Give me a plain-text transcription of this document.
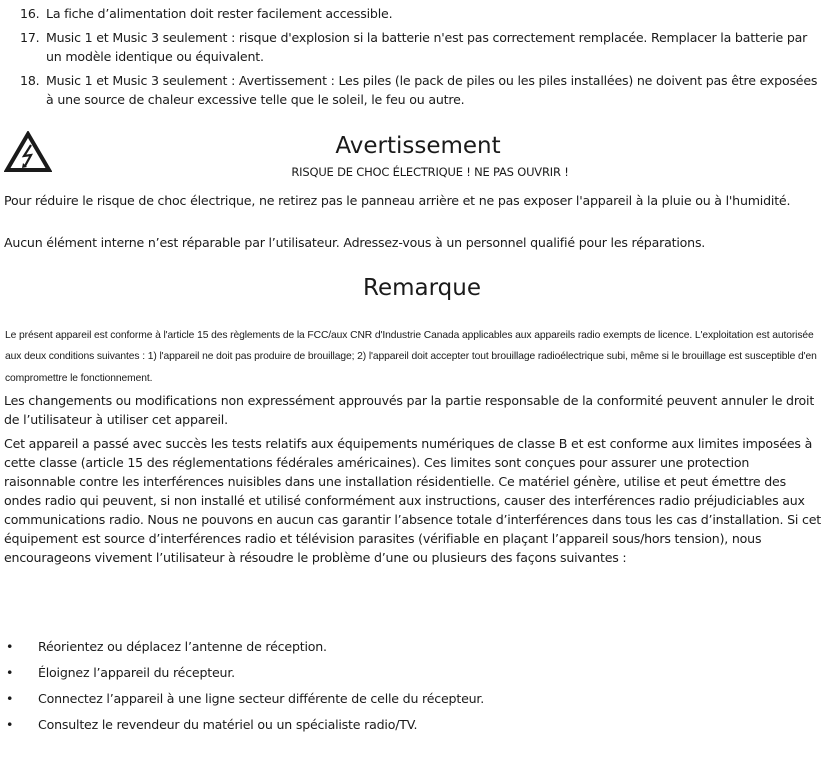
16. La fiche d’alimentation doit rester facilement accessible.
17. Music 1 et Music 3 seulement : risque d'explosion si la batterie n'est pas correctement remplacée. Remplacer la batterie par un modèle identique ou équivalent.
18. Music 1 et Music 3 seulement : Avertissement : Les piles (le pack de piles ou les piles installées) ne doivent pas être exposées à une source de chaleur excessive telle que le soleil, le feu ou autre.
Avertissement
RISQUE DE CHOC ÉLECTRIQUE ! NE PAS OUVRIR !
Pour réduire le risque de choc électrique, ne retirez pas le panneau arrière et ne pas exposer l'appareil à la pluie ou à l'humidité.
Aucun élément interne n’est réparable par l’utilisateur. Adressez-vous à un personnel qualifié pour les réparations.
Remarque
Le présent appareil est conforme à l'article 15 des règlements de la FCC/aux CNR d'Industrie Canada applicables aux appareils radio exempts de licence. L'exploitation est autorisée aux deux conditions suivantes : 1) l'appareil ne doit pas produire de brouillage; 2) l'appareil doit accepter tout brouillage radioélectrique subi, même si le brouillage est susceptible d'en compromettre le fonctionnement.
Les changements ou modifications non expressément approuvés par la partie responsable de la conformité peuvent annuler le droit de l’utilisateur à utiliser cet appareil.
Cet appareil a passé avec succès les tests relatifs aux équipements numériques de classe B et est conforme aux limites imposées à cette classe (article 15 des réglementations fédérales américaines). Ces limites sont conçues pour assurer une protection raisonnable contre les interférences nuisibles dans une installation résidentielle. Ce matériel génère, utilise et peut émettre des ondes radio qui peuvent, si non installé et utilisé conformément aux instructions, causer des interférences radio préjudiciables aux communications radio. Nous ne pouvons en aucun cas garantir l’absence totale d’interférences dans tous les cas d’installation. Si cet équipement est source d’interférences radio et télévision parasites (vérifiable en plaçant l’appareil sous/hors tension), nous encourageons vivement l’utilisateur à résoudre le problème d’une ou plusieurs des façons suivantes :
•	Réorientez ou déplacez l’antenne de réception.
•	Éloignez l’appareil du récepteur.
•	Connectez l’appareil à une ligne secteur différente de celle du récepteur.
•	Consultez le revendeur du matériel ou un spécialiste radio/TV.
